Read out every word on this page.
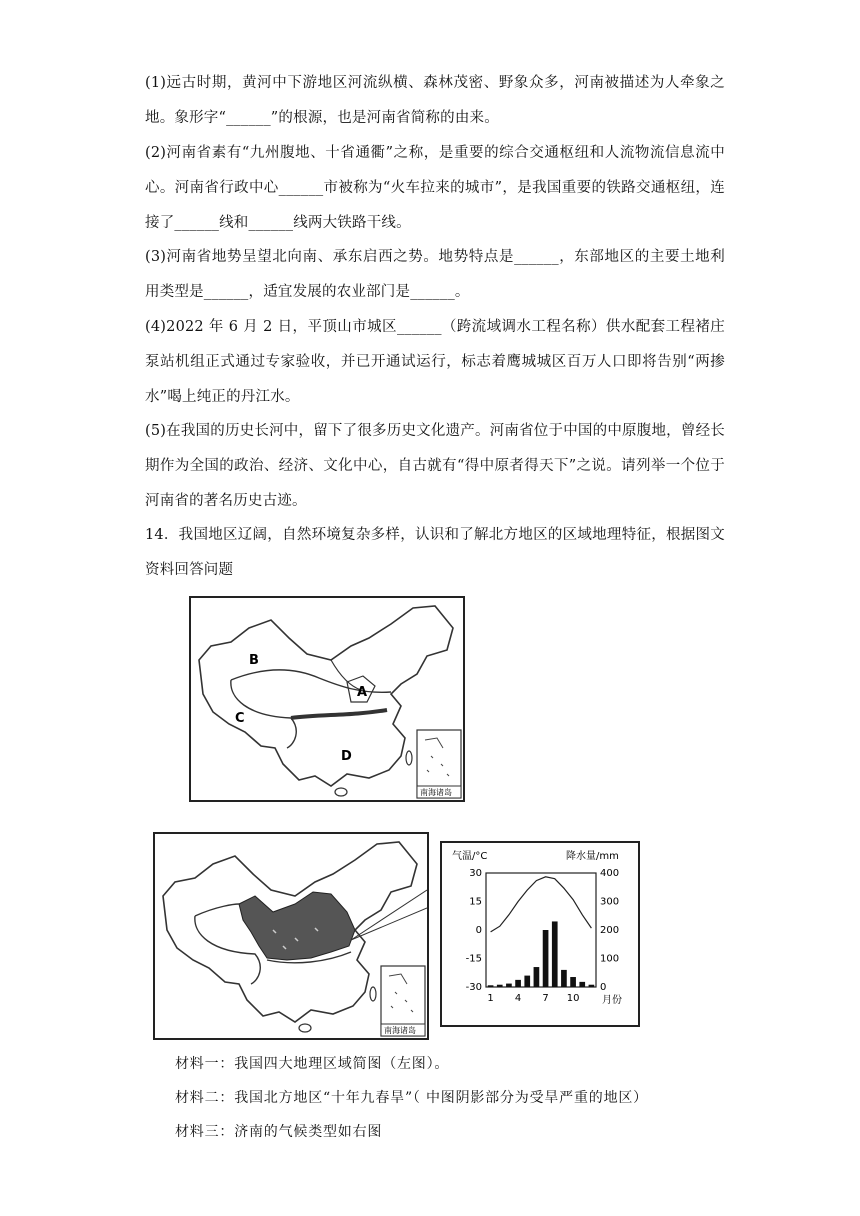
(1)远古时期，黄河中下游地区河流纵横、森林茂密、野象众多，河南被描述为人牵象之地。象形字“______”的根源，也是河南省简称的由来。

(2)河南省素有“九州腹地、十省通衢”之称，是重要的综合交通枢纽和人流物流信息流中心。河南省行政中心______市被称为“火车拉来的城市”，是我国重要的铁路交通枢纽，连接了______线和______线两大铁路干线。

(3)河南省地势呈望北向南、承东启西之势。地势特点是______，东部地区的主要土地利用类型是______，适宜发展的农业部门是______。

(4)2022 年 6 月 2 日，平顶山市城区______（跨流域调水工程名称）供水配套工程褚庄泵站机组正式通过专家验收，并已开通试运行，标志着鹰城城区百万人口即将告别“两掺水”喝上纯正的丹江水。

(5)在我国的历史长河中，留下了很多历史文化遗产。河南省位于中国的中原腹地，曾经长期作为全国的政治、经济、文化中心，自古就有“得中原者得天下”之说。请列举一个位于河南省的著名历史古迹。

14．我国地区辽阔，自然环境复杂多样，认识和了解北方地区的区域地理特征，根据图文资料回答问题

A
B
C
D
南海诸岛
南海诸岛
气温/°C	降水量/mm
30
15
0
-15
-30
400
300
200
100
0
1 4 7 10 月份

材料一：我国四大地理区域简图（左图）。

材料二：我国北方地区“十年九春旱”（ 中图阴影部分为受旱严重的地区）

材料三：济南的气候类型如右图
